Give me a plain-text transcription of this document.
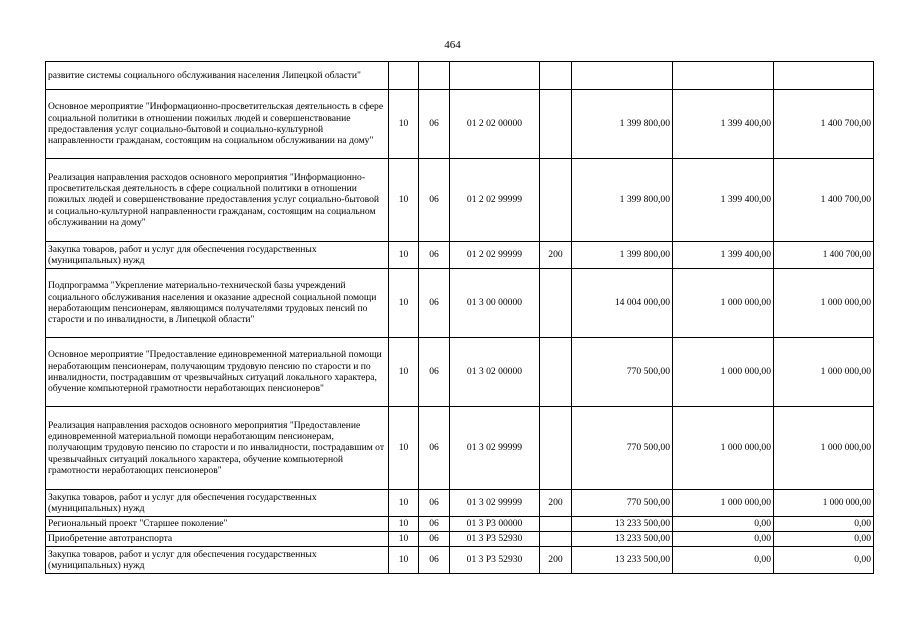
464
развитие системы социального обслуживания населения Липецкой области"							
Основное мероприятие "Информационно-просветительская деятельность в сфере социальной политики в отношении пожилых людей и совершенствование предоставления услуг социально-бытовой и социально-культурной направленности гражданам, состоящим на социальном обслуживании на дому"	10	06	01 2 02 00000		1 399 800,00	1 399 400,00	1 400 700,00
Реализация направления расходов основного мероприятия "Информационно-просветительская деятельность в сфере социальной политики в отношении пожилых людей и совершенствование предоставления услуг социально-бытовой и социально-культурной направленности гражданам, состоящим на социальном обслуживании на дому"	10	06	01 2 02 99999		1 399 800,00	1 399 400,00	1 400 700,00
Закупка товаров, работ и услуг для обеспечения государственных (муниципальных) нужд	10	06	01 2 02 99999	200	1 399 800,00	1 399 400,00	1 400 700,00
Подпрограмма "Укрепление материально-технической базы учреждений социального обслуживания населения и оказание адресной социальной помощи неработающим пенсионерам, являющимся получателями трудовых пенсий по старости и по инвалидности, в Липецкой области"	10	06	01 3 00 00000		14 004 000,00	1 000 000,00	1 000 000,00
Основное мероприятие "Предоставление единовременной материальной помощи неработающим пенсионерам, получающим трудовую пенсию по старости и по инвалидности, пострадавшим от чрезвычайных ситуаций локального характера, обучение компьютерной грамотности неработающих пенсионеров"	10	06	01 3 02 00000		770 500,00	1 000 000,00	1 000 000,00
Реализация направления расходов основного мероприятия "Предоставление единовременной материальной помощи неработающим пенсионерам, получающим трудовую пенсию по старости и по инвалидности, пострадавшим от чрезвычайных ситуаций локального характера, обучение компьютерной грамотности неработающих пенсионеров"	10	06	01 3 02 99999		770 500,00	1 000 000,00	1 000 000,00
Закупка товаров, работ и услуг для обеспечения государственных (муниципальных) нужд	10	06	01 3 02 99999	200	770 500,00	1 000 000,00	1 000 000,00
Региональный проект "Старшее поколение"	10	06	01 3 Р3 00000		13 233 500,00	0,00	0,00
Приобретение автотранспорта	10	06	01 3 Р3 52930		13 233 500,00	0,00	0,00
Закупка товаров, работ и услуг для обеспечения государственных (муниципальных) нужд	10	06	01 3 Р3 52930	200	13 233 500,00	0,00	0,00
